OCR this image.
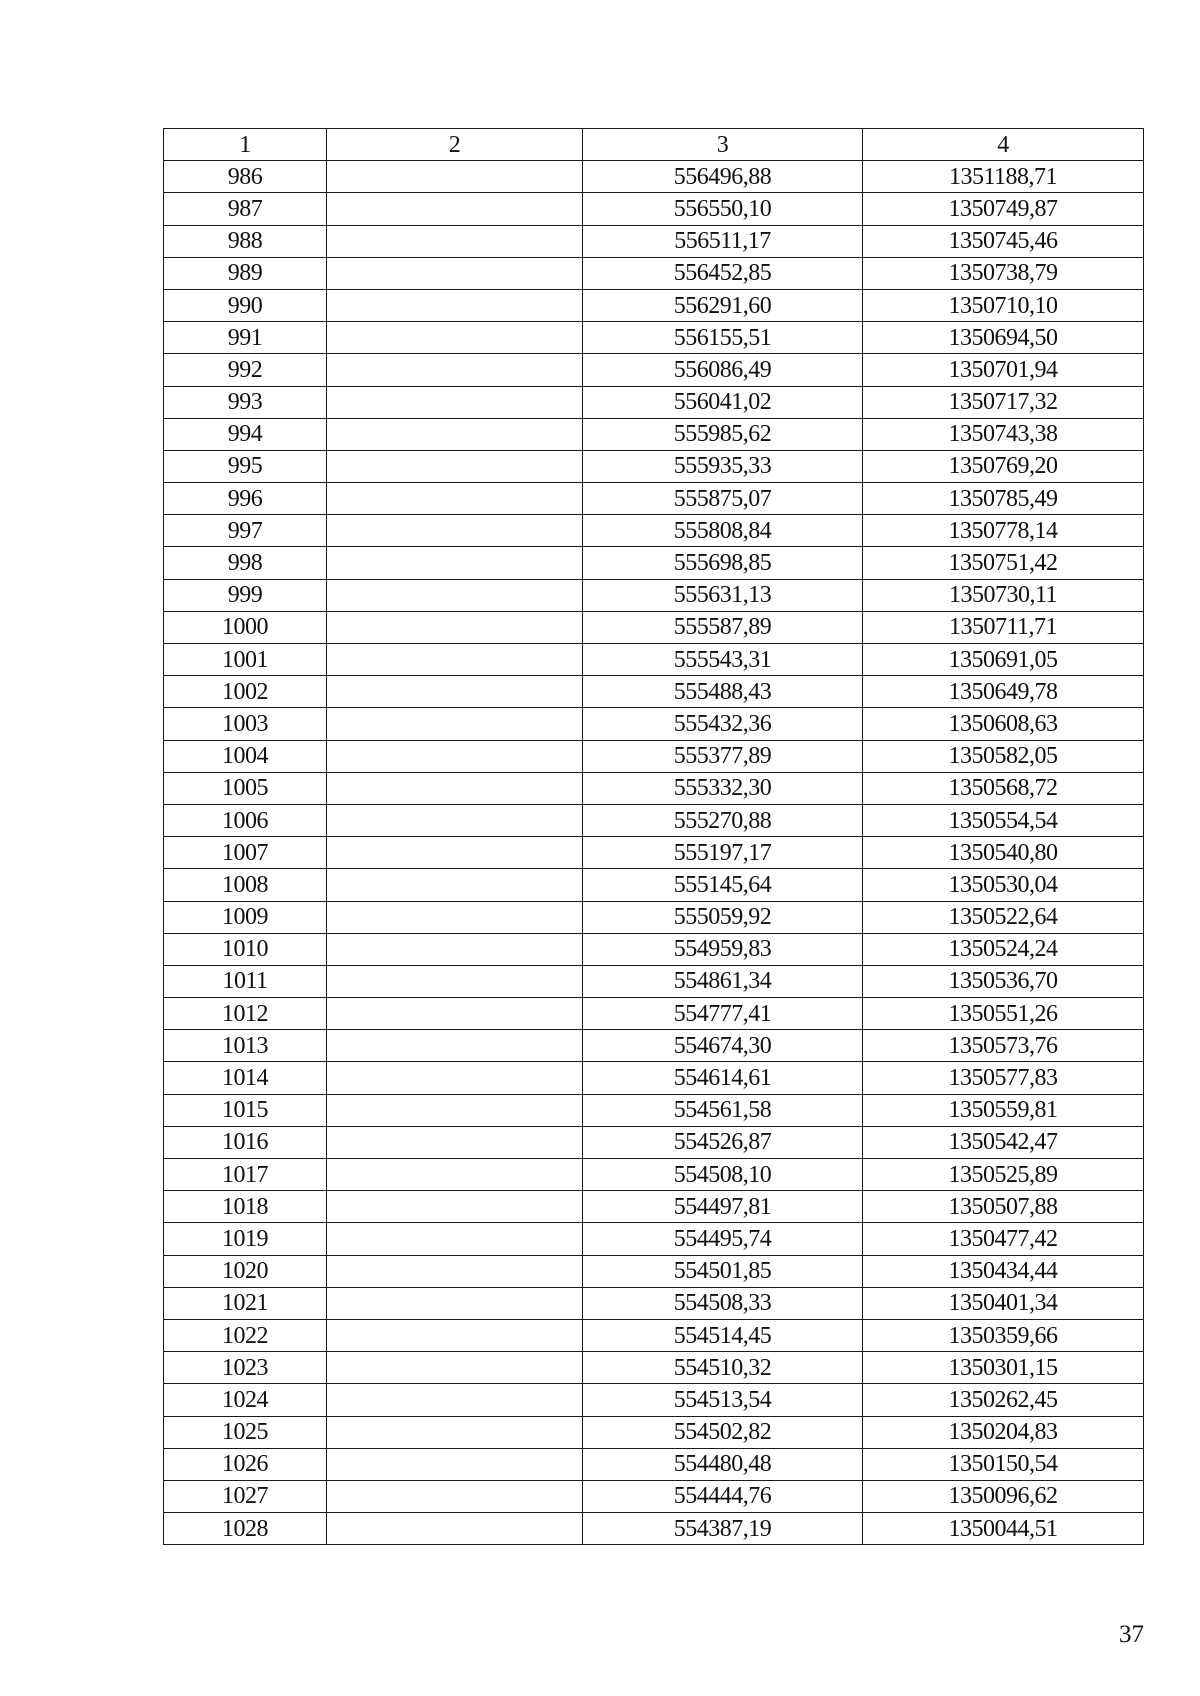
1	2	3	4
986		556496,88	1351188,71
987		556550,10	1350749,87
988		556511,17	1350745,46
989		556452,85	1350738,79
990		556291,60	1350710,10
991		556155,51	1350694,50
992		556086,49	1350701,94
993		556041,02	1350717,32
994		555985,62	1350743,38
995		555935,33	1350769,20
996		555875,07	1350785,49
997		555808,84	1350778,14
998		555698,85	1350751,42
999		555631,13	1350730,11
1000		555587,89	1350711,71
1001		555543,31	1350691,05
1002		555488,43	1350649,78
1003		555432,36	1350608,63
1004		555377,89	1350582,05
1005		555332,30	1350568,72
1006		555270,88	1350554,54
1007		555197,17	1350540,80
1008		555145,64	1350530,04
1009		555059,92	1350522,64
1010		554959,83	1350524,24
1011		554861,34	1350536,70
1012		554777,41	1350551,26
1013		554674,30	1350573,76
1014		554614,61	1350577,83
1015		554561,58	1350559,81
1016		554526,87	1350542,47
1017		554508,10	1350525,89
1018		554497,81	1350507,88
1019		554495,74	1350477,42
1020		554501,85	1350434,44
1021		554508,33	1350401,34
1022		554514,45	1350359,66
1023		554510,32	1350301,15
1024		554513,54	1350262,45
1025		554502,82	1350204,83
1026		554480,48	1350150,54
1027		554444,76	1350096,62
1028		554387,19	1350044,51
37
